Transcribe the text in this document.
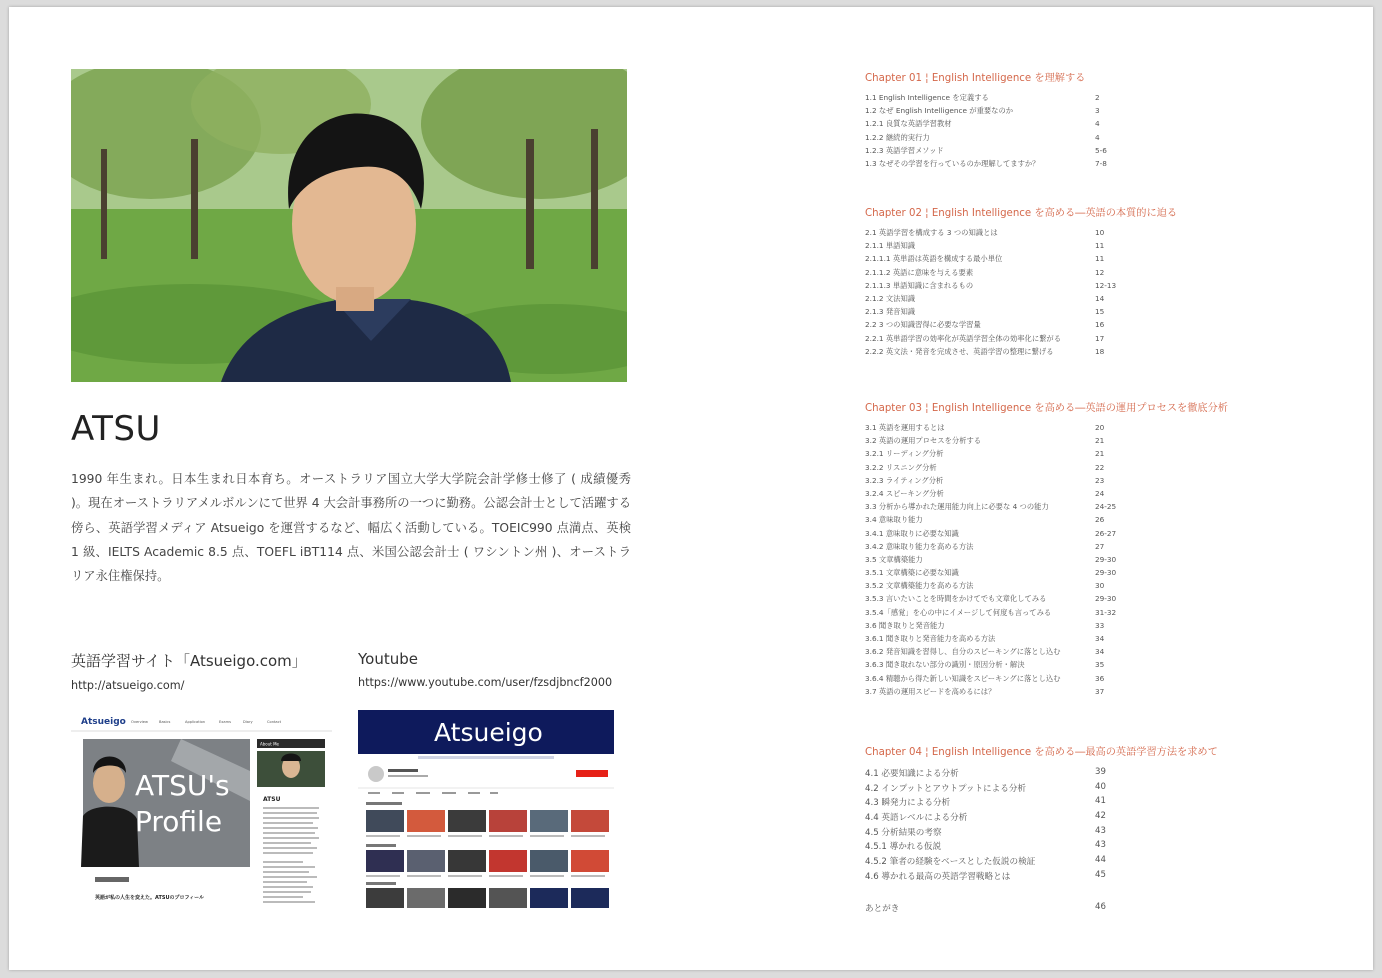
ATSU
1990 年生まれ。日本生まれ日本育ち。オーストラリア国立大学大学院会計学修士修了 ( 成績優秀 )。現在オーストラリアメルボルンにて世界 4 大会計事務所の一つに勤務。公認会計士として活躍する傍ら、英語学習メディア Atsueigo を運営するなど、幅広く活動している。TOEIC990 点満点、英検 1 級、IELTS Academic 8.5 点、TOEFL iBT114 点、米国公認会計士 ( ワシントン州 )、オーストラリア永住権保持。
英語学習サイト「Atsueigo.com」
http://atsueigo.com/
Youtube
https://www.youtube.com/user/fzsdjbncf2000
Atsueigo Overview	Basics	Application	Exams	Diary	Contact
ATSU's
Profile
About Me
ATSU
英語が私の人生を変えた。ATSUのプロフィール
Atsueigo
Chapter 01 ¦ English Intelligence を理解する
1.1 English Intelligence を定義する	2
1.2 なぜ English Intelligence が重要なのか	3
1.2.1 良質な英語学習教材	4
1.2.2 継続的実行力	4
1.2.3 英語学習メソッド	5-6
1.3 なぜその学習を行っているのか理解してますか？	7-8
Chapter 02 ¦ English Intelligence を高める―英語の本質的に迫る
2.1 英語学習を構成する 3 つの知識とは	10
2.1.1 単語知識	11
2.1.1.1 英単語は英語を構成する最小単位	11
2.1.1.2 英語に意味を与える要素	12
2.1.1.3 単語知識に含まれるもの	12-13
2.1.2 文法知識	14
2.1.3 発音知識	15
2.2 3 つの知識習得に必要な学習量	16
2.2.1 英単語学習の効率化が英語学習全体の効率化に繋がる	17
2.2.2 英文法・発音を完成させ、英語学習の整理に繋げる	18
Chapter 03 ¦ English Intelligence を高める―英語の運用プロセスを徹底分析
3.1 英語を運用するとは	20
3.2 英語の運用プロセスを分析する	21
3.2.1 リーディング分析	21
3.2.2 リスニング分析	22
3.2.3 ライティング分析	23
3.2.4 スピーキング分析	24
3.3 分析から導かれた運用能力向上に必要な 4 つの能力	24-25
3.4 意味取り能力	26
3.4.1 意味取りに必要な知識	26-27
3.4.2 意味取り能力を高める方法	27
3.5 文章構築能力	29-30
3.5.1 文章構築に必要な知識	29-30
3.5.2 文章構築能力を高める方法	30
3.5.3 言いたいことを時間をかけてでも文章化してみる	29-30
3.5.4「感覚」を心の中にイメージして何度も言ってみる	31-32
3.6 聞き取りと発音能力	33
3.6.1 聞き取りと発音能力を高める方法	34
3.6.2 発音知識を習得し、自分のスピーキングに落とし込む	34
3.6.3 聞き取れない部分の識別・原因分析・解決	35
3.6.4 精聴から得た新しい知識をスピーキングに落とし込む	36
3.7 英語の運用スピードを高めるには？	37
Chapter 04 ¦ English Intelligence を高める―最高の英語学習方法を求めて
4.1 必要知識による分析	39
4.2 インプットとアウトプットによる分析	40
4.3 瞬発力による分析	41
4.4 英語レベルによる分析	42
4.5 分析結果の考察	43
4.5.1 導かれる仮説	43
4.5.2 筆者の経験をベースとした仮説の検証	44
4.6 導かれる最高の英語学習戦略とは	45
あとがき	46
